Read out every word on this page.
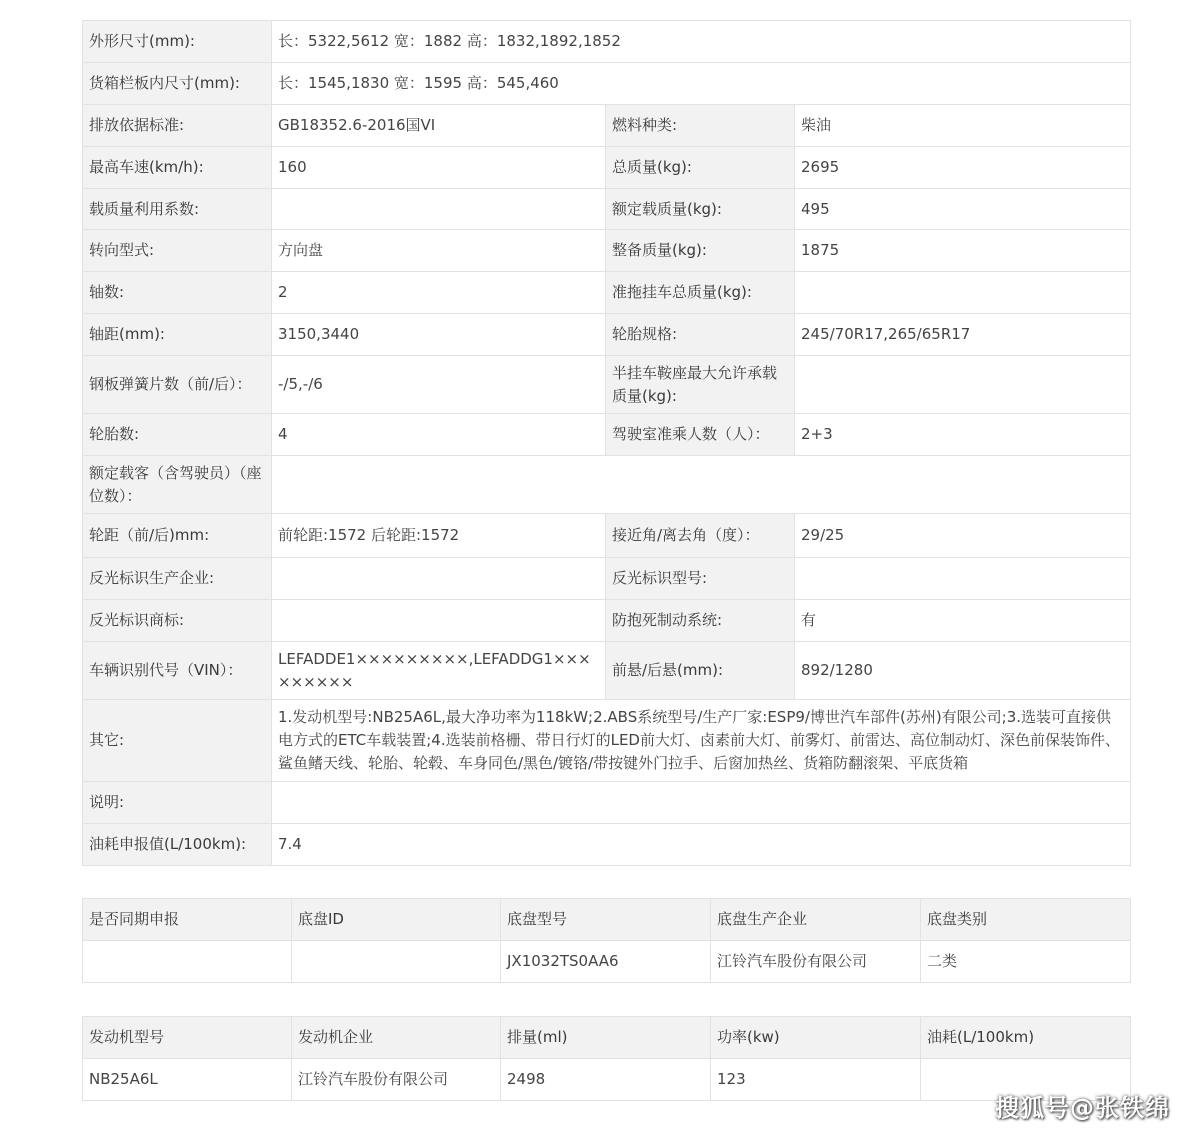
外形尺寸(mm):	长：5322,5612 宽：1882 高：1832,1892,1852		
货箱栏板内尺寸(mm):	长：1545,1830 宽：1595 高：545,460		
排放依据标准:	GB18352.6-2016国VI	燃料种类:	柴油
最高车速(km/h):	160	总质量(kg):	2695
载质量利用系数:		额定载质量(kg):	495
转向型式:	方向盘	整备质量(kg):	1875
轴数:	2	准拖挂车总质量(kg):	
轴距(mm):	3150,3440	轮胎规格:	245/70R17,265/65R17
钢板弹簧片数（前/后）：	-/5,-/6	半挂车鞍座最大允许承载质量(kg):	
轮胎数:	4	驾驶室准乘人数（人）：	2+3
额定载客（含驾驶员）（座位数）：			
轮距（前/后)mm:	前轮距:1572 后轮距:1572	接近角/离去角（度）：	29/25
反光标识生产企业:		反光标识型号:	
反光标识商标:		防抱死制动系统:	有
车辆识别代号（VIN）：	LEFADDE1×××××××××,LEFADDG1×××××××××	前悬/后悬(mm):	892/1280
其它:	1.发动机型号:NB25A6L,最大净功率为118kW;2.ABS系统型号/生产厂家:ESP9/博世汽车部件(苏州)有限公司;3.选装可直接供电方式的ETC车载装置;4.选装前格栅、带日行灯的LED前大灯、卤素前大灯、前雾灯、前雷达、高位制动灯、深色前保装饰件、鲨鱼鳍天线、轮胎、轮毂、车身同色/黑色/镀铬/带按键外门拉手、后窗加热丝、货箱防翻滚架、平底货箱		
说明:			
油耗申报值(L/100km):	7.4		
是否同期申报	底盘ID	底盘型号	底盘生产企业	底盘类别
		JX1032TS0AA6	江铃汽车股份有限公司	二类
发动机型号	发动机企业	排量(ml)	功率(kw)	油耗(L/100km)
NB25A6L	江铃汽车股份有限公司	2498	123	
搜狐号@张铁绵
